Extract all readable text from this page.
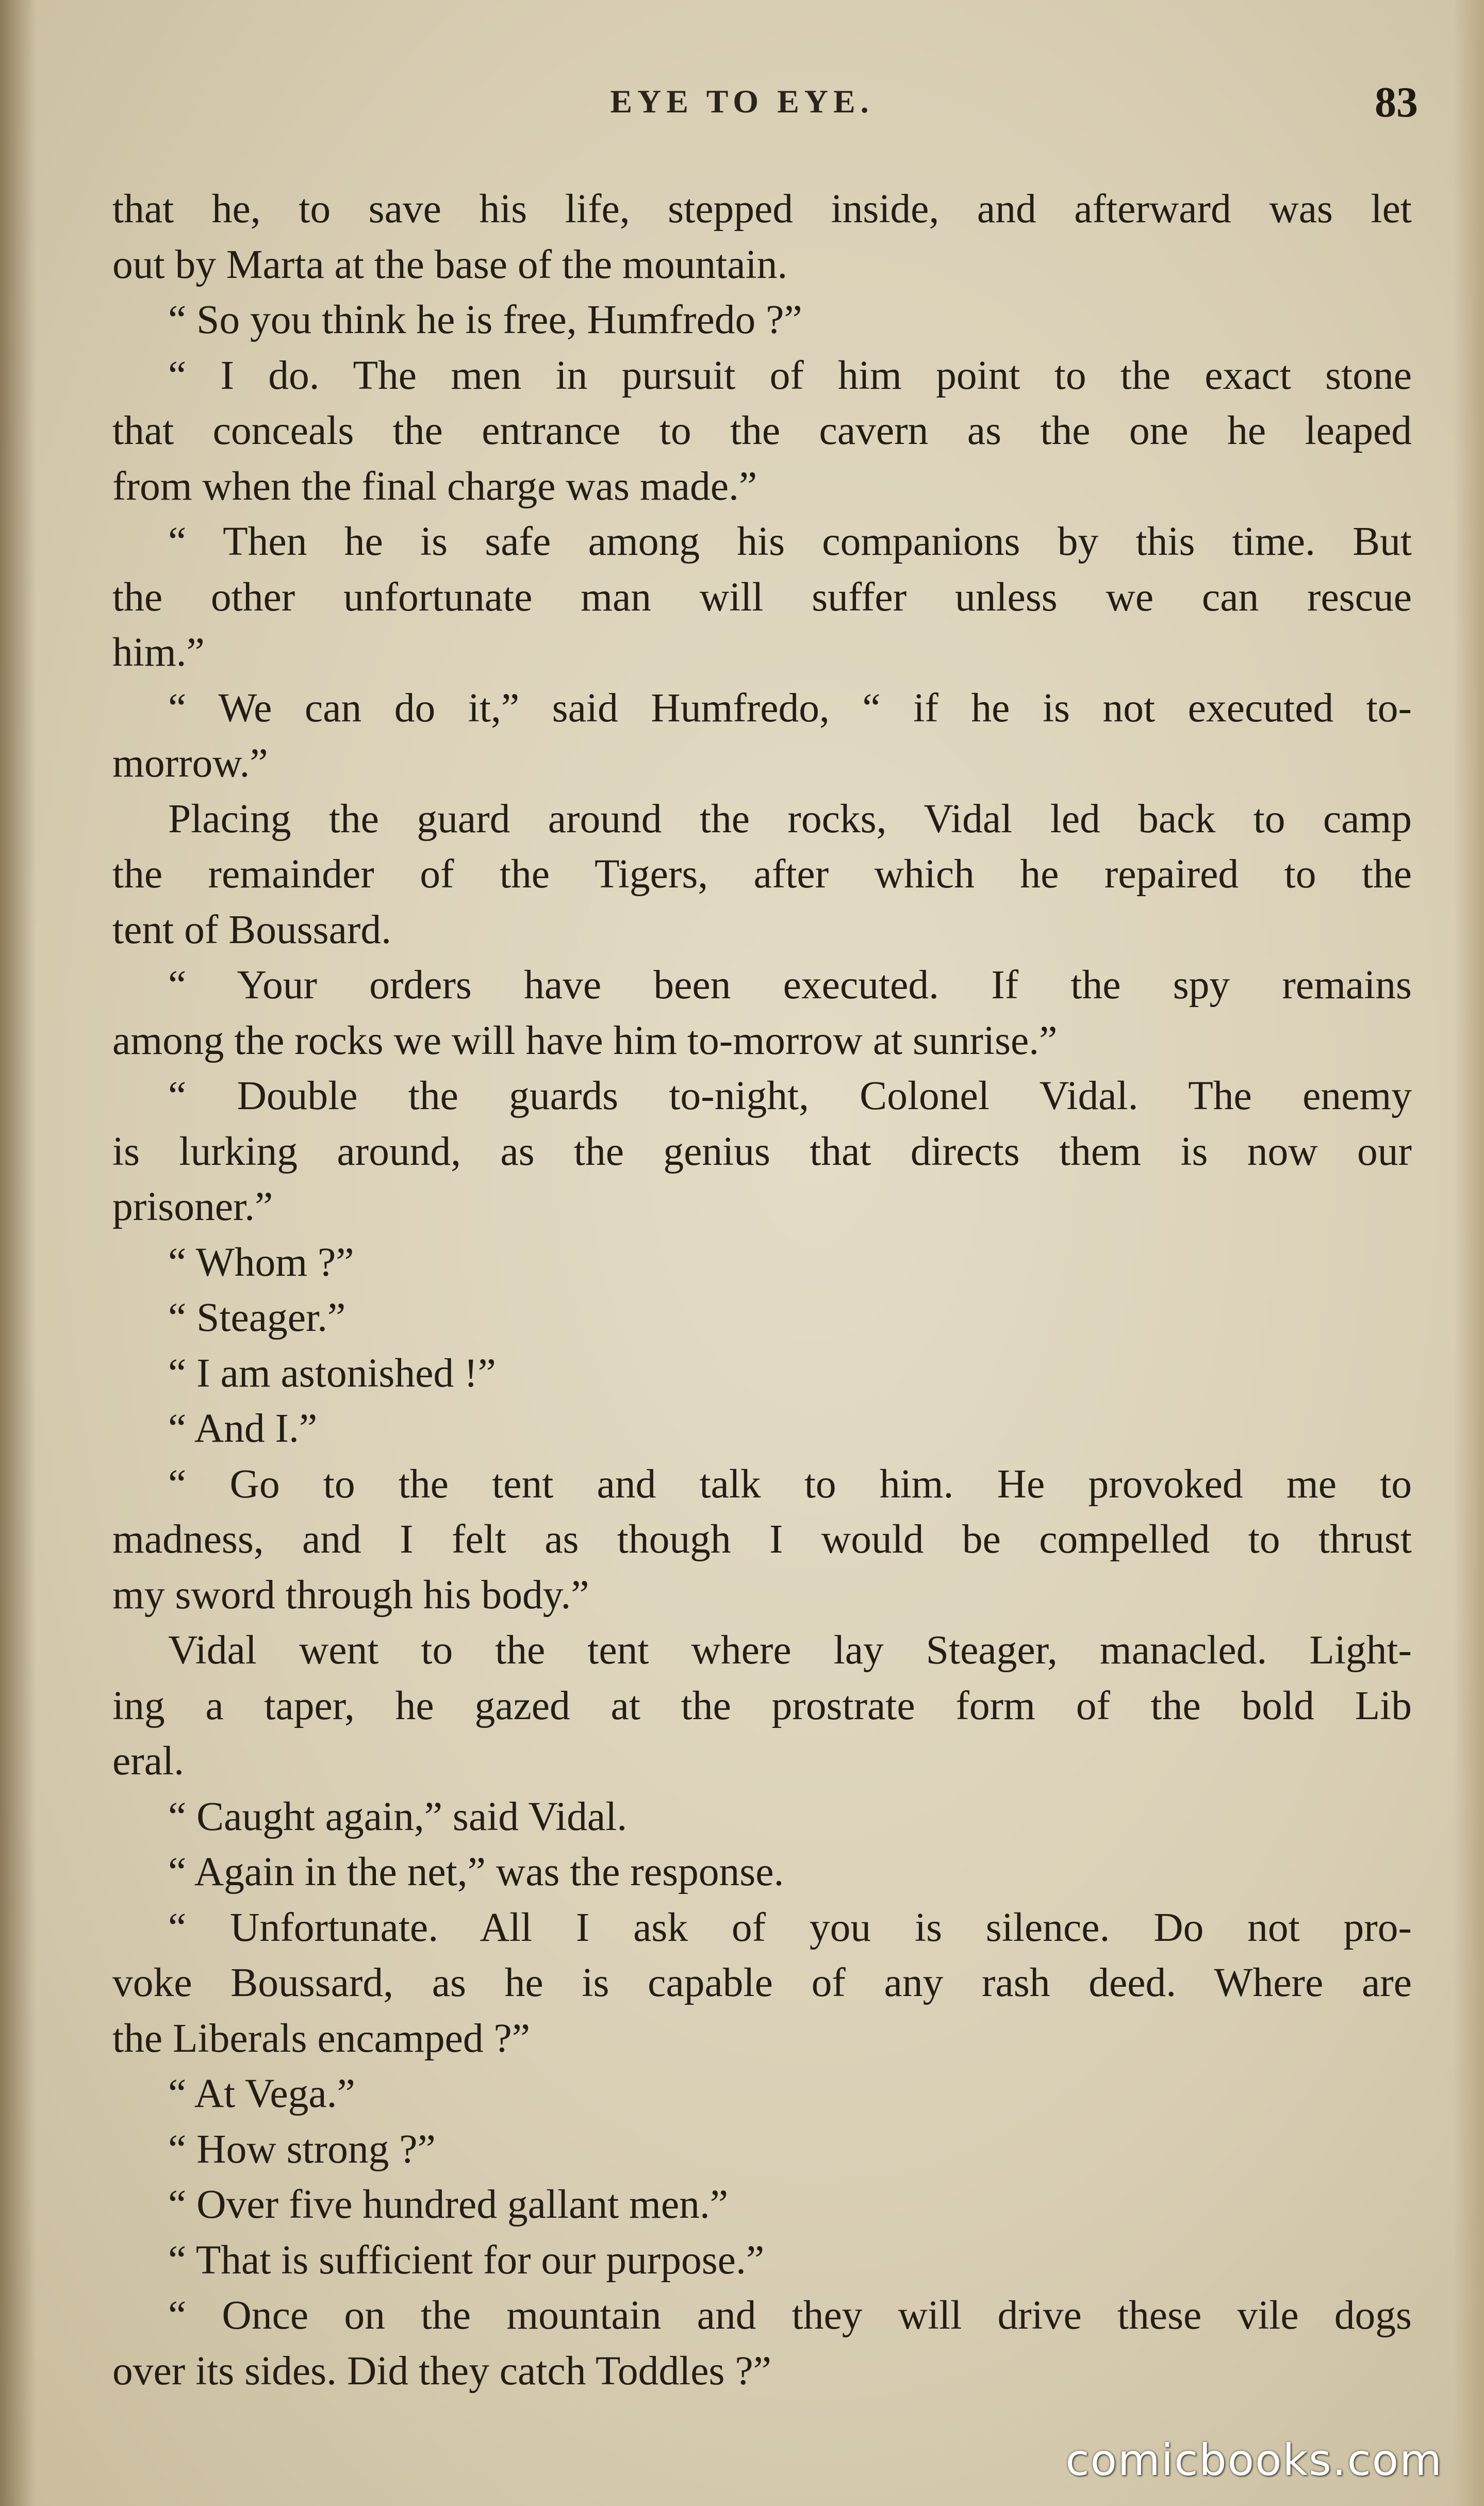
EYE TO EYE.	83
that he, to save his life, stepped inside, and afterward was let
out by Marta at the base of the mountain.
“ So you think he is free, Humfredo ?”
“ I do. The men in pursuit of him point to the exact stone
that conceals the entrance to the cavern as the one he leaped
from when the final charge was made.”
“ Then he is safe among his companions by this time. But
the other unfortunate man will suffer unless we can rescue
him.”
“ We can do it,” said Humfredo, “ if he is not executed to-
morrow.”
Placing the guard around the rocks, Vidal led back to camp
the remainder of the Tigers, after which he repaired to the
tent of Boussard.
“ Your orders have been executed. If the spy remains
among the rocks we will have him to-morrow at sunrise.”
“ Double the guards to-night, Colonel Vidal. The enemy
is lurking around, as the genius that directs them is now our
prisoner.”
“ Whom ?”
“ Steager.”
“ I am astonished !”
“ And I.”
“ Go to the tent and talk to him. He provoked me to
madness, and I felt as though I would be compelled to thrust
my sword through his body.”
Vidal went to the tent where lay Steager, manacled. Light-
ing a taper, he gazed at the prostrate form of the bold Lib
eral.
“ Caught again,” said Vidal.
“ Again in the net,” was the response.
“ Unfortunate. All I ask of you is silence. Do not pro-
voke Boussard, as he is capable of any rash deed. Where are
the Liberals encamped ?”
“ At Vega.”
“ How strong ?”
“ Over five hundred gallant men.”
“ That is sufficient for our purpose.”
“ Once on the mountain and they will drive these vile dogs
over its sides. Did they catch Toddles ?”
comicbooks.com
